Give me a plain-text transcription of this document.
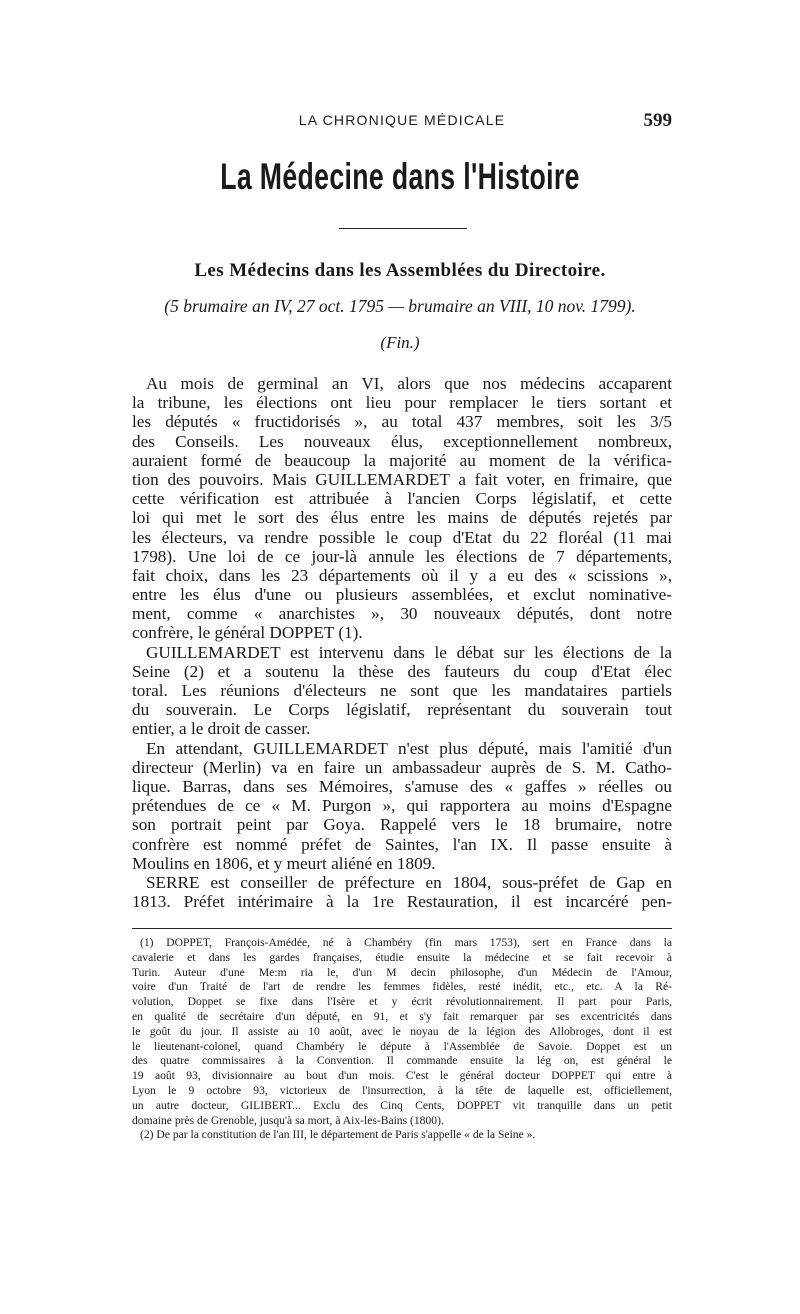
LA CHRONIQUE MÉDICALE	599
La Médecine dans l'Histoire
Les Médecins dans les Assemblées du Directoire.
(5 brumaire an IV, 27 oct. 1795 — brumaire an VIII, 10 nov. 1799).
(Fin.)

Au mois de germinal an VI, alors que nos médecins accaparent
la tribune, les élections ont lieu pour remplacer le tiers sortant et
les députés « fructidorisés », au total 437 membres, soit les 3/5
des Conseils. Les nouveaux élus, exceptionnellement nombreux,
auraient formé de beaucoup la majorité au moment de la vérifica-
tion des pouvoirs. Mais GUILLEMARDET a fait voter, en frimaire, que
cette vérification est attribuée à l'ancien Corps législatif, et cette
loi qui met le sort des élus entre les mains de députés rejetés par
les électeurs, va rendre possible le coup d'Etat du 22 floréal (11 mai
1798). Une loi de ce jour-là annule les élections de 7 départements,
fait choix, dans les 23 départements où il y a eu des « scissions »,
entre les élus d'une ou plusieurs assemblées, et exclut nominative-
ment, comme « anarchistes », 30 nouveaux députés, dont notre
confrère, le général DOPPET (1).

GUILLEMARDET est intervenu dans le débat sur les élections de la
Seine (2) et a soutenu la thèse des fauteurs du coup d'Etat élec
toral. Les réunions d'électeurs ne sont que les mandataires partiels
du souverain. Le Corps législatif, représentant du souverain tout
entier, a le droit de casser.

En attendant, GUILLEMARDET n'est plus député, mais l'amitié d'un
directeur (Merlin) va en faire un ambassadeur auprès de S. M. Catho-
lique. Barras, dans ses Mémoires, s'amuse des « gaffes » réelles ou
prétendues de ce « M. Purgon », qui rapportera au moins d'Espagne
son portrait peint par Goya. Rappelé vers le 18 brumaire, notre
confrère est nommé préfet de Saintes, l'an IX. Il passe ensuite à
Moulins en 1806, et y meurt aliéné en 1809.

SERRE est conseiller de préfecture en 1804, sous-préfet de Gap en
1813. Préfet intérimaire à la 1re Restauration, il est incarcéré pen-

(1) DOPPET, François-Amédée, né à Chambéry (fin mars 1753), sert en France dans la
cavalerie et dans les gardes françaises, étudie ensuite la médecine et se fait recevoir à
Turin. Auteur d'une Me:m ria le, d'un M decin philosophe, d'un Médecin de l'Amour,
voire d'un Traité de l'art de rendre les femmes fidèles, resté inédit, etc., etc. A la Ré-
volution, Doppet se fixe dans l'Isère et y écrit révolutionnairement. Il part pour Paris,
en qualité de secrétaire d'un député, en 91, et s'y fait remarquer par ses excentricités dans
le goût du jour. Il assiste au 10 août, avec le noyau de la légion des Allobroges, dont il est
le lieutenant-colonel, quand Chambéry le députe à l'Assemblée de Savoie. Doppet est un
des quatre commissaires à la Convention. Il commande ensuite la lég on, est général le
19 août 93, divisionnaire au bout d'un mois. C'est le général docteur DOPPET qui entre à
Lyon le 9 octobre 93, victorieux de l'insurrection, à la tête de laquelle est, officiellement,
un autre docteur, GILIBERT... Exclu des Cinq Cents, DOPPET vit tranquille dans un petit
domaine près de Grenoble, jusqu'à sa mort, à Aix-les-Bains (1800).

(2) De par la constitution de l'an III, le département de Paris s'appelle « de la Seine ».
